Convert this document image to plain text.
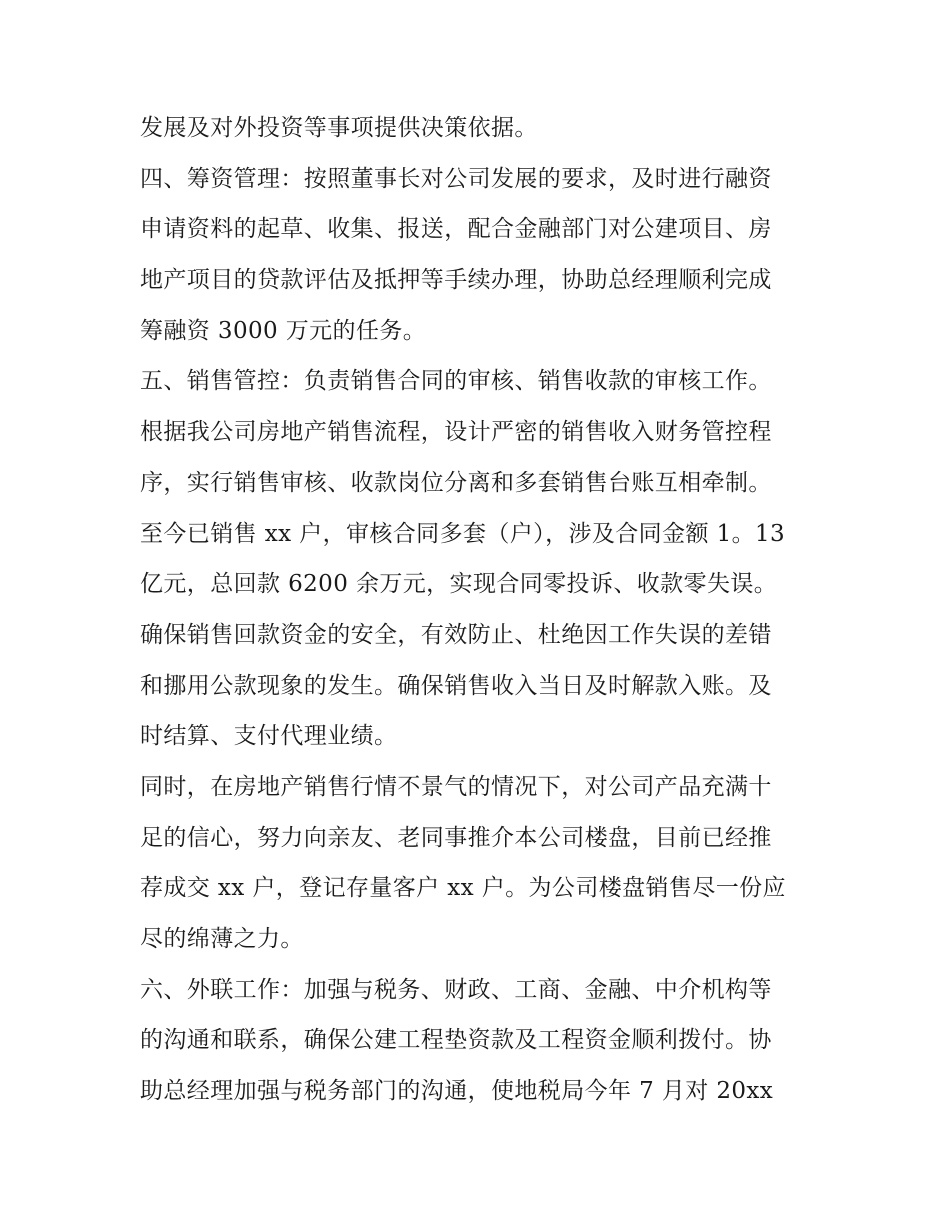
发展及对外投资等事项提供决策依据。
四、筹资管理：按照董事长对公司发展的要求，及时进行融资
申请资料的起草、收集、报送，配合金融部门对公建项目、房
地产项目的贷款评估及抵押等手续办理，协助总经理顺利完成
筹融资 3000 万元的任务。
五、销售管控：负责销售合同的审核、销售收款的审核工作。
根据我公司房地产销售流程，设计严密的销售收入财务管控程
序，实行销售审核、收款岗位分离和多套销售台账互相牵制。
至今已销售 xx 户，审核合同多套（户），涉及合同金额 1。13
亿元，总回款 6200 余万元，实现合同零投诉、收款零失误。
确保销售回款资金的安全，有效防止、杜绝因工作失误的差错
和挪用公款现象的发生。确保销售收入当日及时解款入账。及
时结算、支付代理业绩。
同时，在房地产销售行情不景气的情况下，对公司产品充满十
足的信心，努力向亲友、老同事推介本公司楼盘，目前已经推
荐成交 xx 户，登记存量客户 xx 户。为公司楼盘销售尽一份应
尽的绵薄之力。
六、外联工作：加强与税务、财政、工商、金融、中介机构等
的沟通和联系，确保公建工程垫资款及工程资金顺利拨付。协
助总经理加强与税务部门的沟通，使地税局今年 7 月对 20xx
